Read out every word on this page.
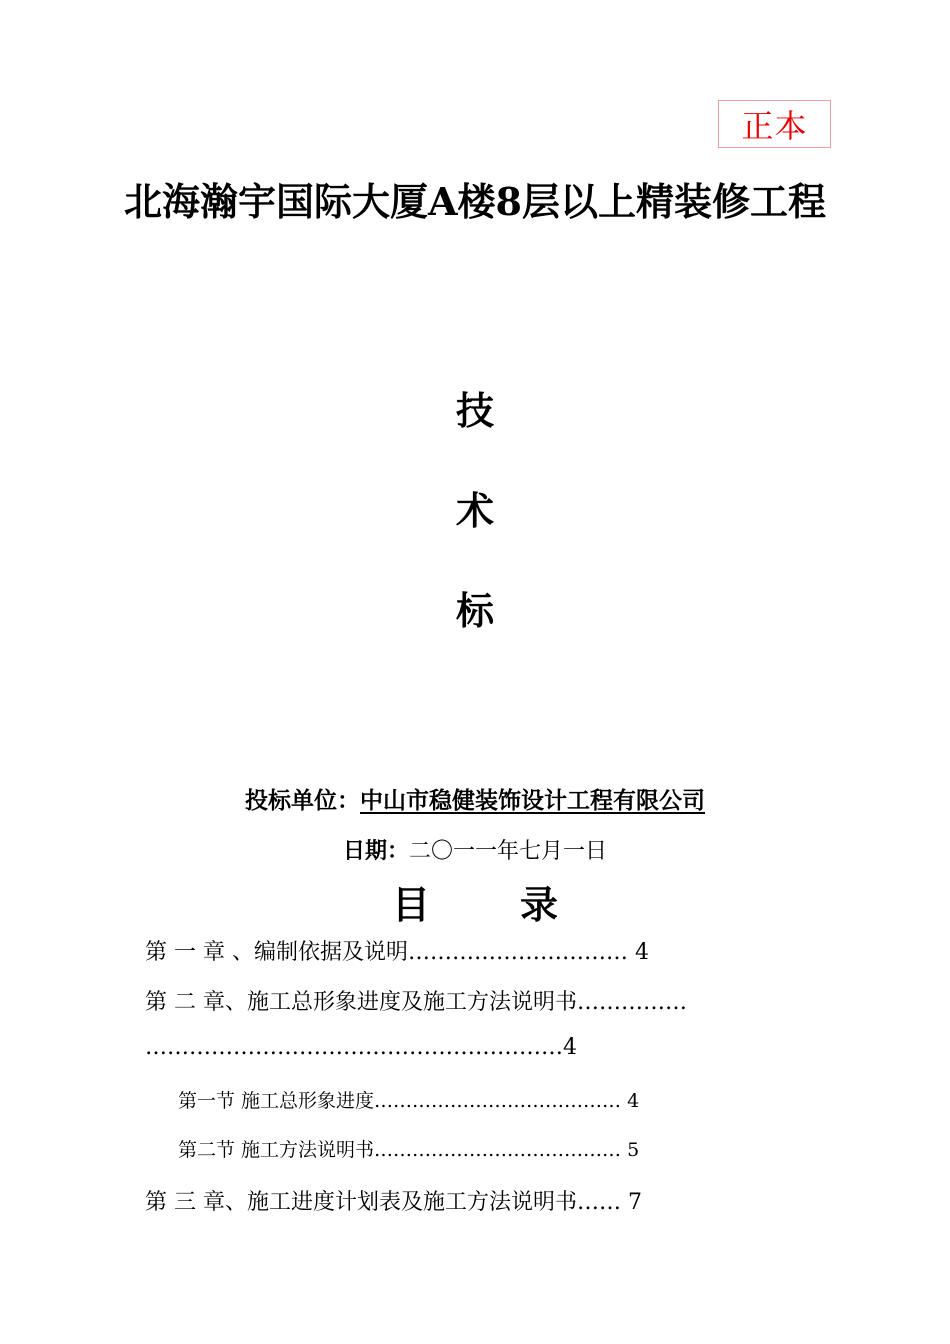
正本
北海瀚宇国际大厦A楼8层以上精装修工程
技
术
标
投标单位：中山市稳健装饰设计工程有限公司
日期：二〇一一年七月一日
目 录
第 一 章 、编制依据及说明………………………… 4
第 二 章、施工总形象进度及施工方法说明书……………
…………………………………………………4
第一节 施工总形象进度………………………………… 4
第二节 施工方法说明书………………………………… 5
第 三 章、施工进度计划表及施工方法说明书…… 7
